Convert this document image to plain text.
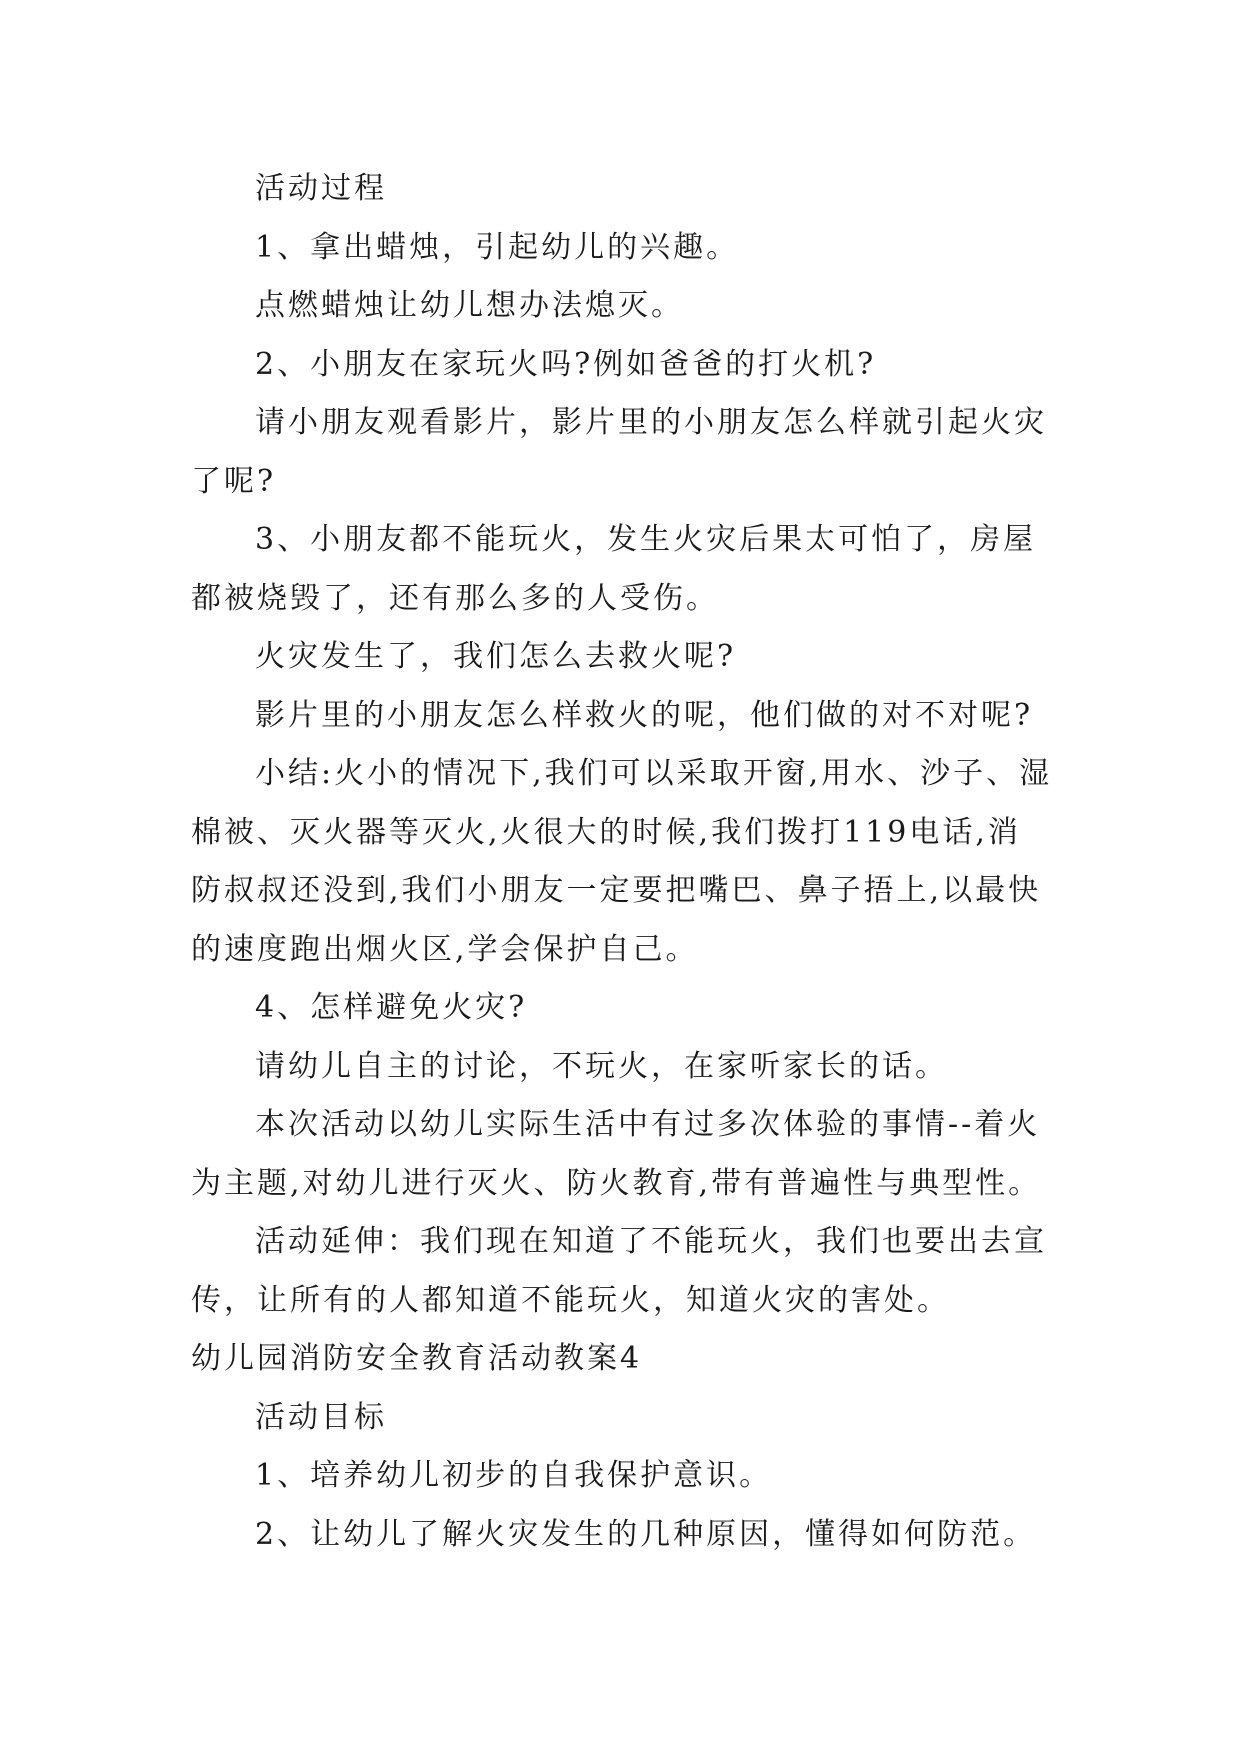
活动过程

1、拿出蜡烛，引起幼儿的兴趣。

点燃蜡烛让幼儿想办法熄灭。

2、小朋友在家玩火吗?例如爸爸的打火机?

请小朋友观看影片，影片里的小朋友怎么样就引起火灾了呢?

3、小朋友都不能玩火，发生火灾后果太可怕了，房屋都被烧毁了，还有那么多的人受伤。

火灾发生了，我们怎么去救火呢?

影片里的小朋友怎么样救火的呢，他们做的对不对呢?

小结:火小的情况下,我们可以采取开窗,用水、沙子、湿棉被、灭火器等灭火,火很大的时候,我们拨打119电话,消防叔叔还没到,我们小朋友一定要把嘴巴、鼻子捂上,以最快的速度跑出烟火区,学会保护自己。

4、怎样避免火灾?

请幼儿自主的讨论，不玩火，在家听家长的话。

本次活动以幼儿实际生活中有过多次体验的事情--着火为主题,对幼儿进行灭火、防火教育,带有普遍性与典型性。

活动延伸：我们现在知道了不能玩火，我们也要出去宣传，让所有的人都知道不能玩火，知道火灾的害处。

幼儿园消防安全教育活动教案4

活动目标

1、培养幼儿初步的自我保护意识。

2、让幼儿了解火灾发生的几种原因，懂得如何防范。
